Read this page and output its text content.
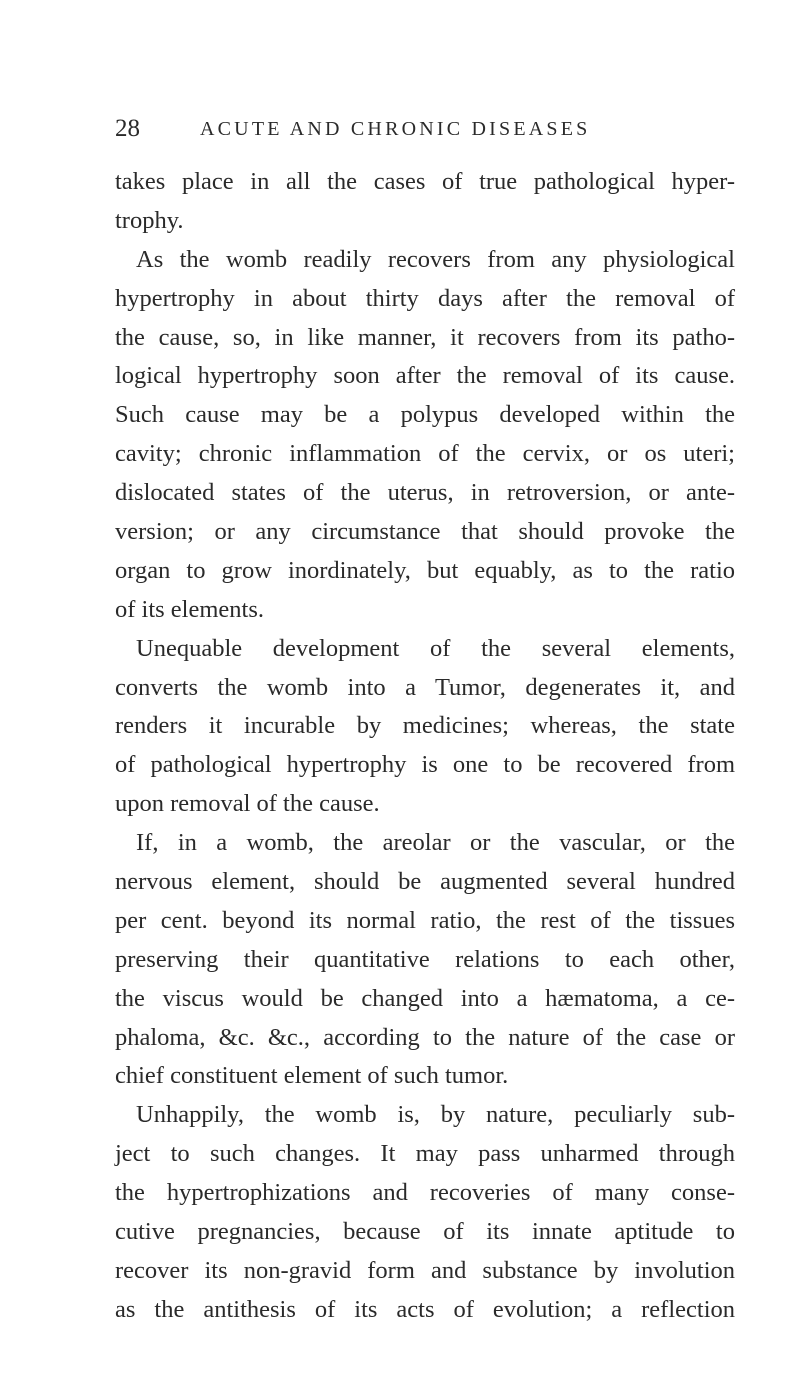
28	ACUTE AND CHRONIC DISEASES
takes place in all the cases of true pathological hyper-
trophy.
As the womb readily recovers from any physiological
hypertrophy in about thirty days after the removal of
the cause, so, in like manner, it recovers from its patho-
logical hypertrophy soon after the removal of its cause.
Such cause may be a polypus developed within the
cavity; chronic inflammation of the cervix, or os uteri;
dislocated states of the uterus, in retroversion, or ante-
version; or any circumstance that should provoke the
organ to grow inordinately, but equably, as to the ratio
of its elements.
Unequable development of the several elements,
converts the womb into a Tumor, degenerates it, and
renders it incurable by medicines; whereas, the state
of pathological hypertrophy is one to be recovered from
upon removal of the cause.
If, in a womb, the areolar or the vascular, or the
nervous element, should be augmented several hundred
per cent. beyond its normal ratio, the rest of the tissues
preserving their quantitative relations to each other,
the viscus would be changed into a hæmatoma, a ce-
phaloma, &c. &c., according to the nature of the case or
chief constituent element of such tumor.
Unhappily, the womb is, by nature, peculiarly sub-
ject to such changes. It may pass unharmed through
the hypertrophizations and recoveries of many conse-
cutive pregnancies, because of its innate aptitude to
recover its non-gravid form and substance by involution
as the antithesis of its acts of evolution; a reflection
